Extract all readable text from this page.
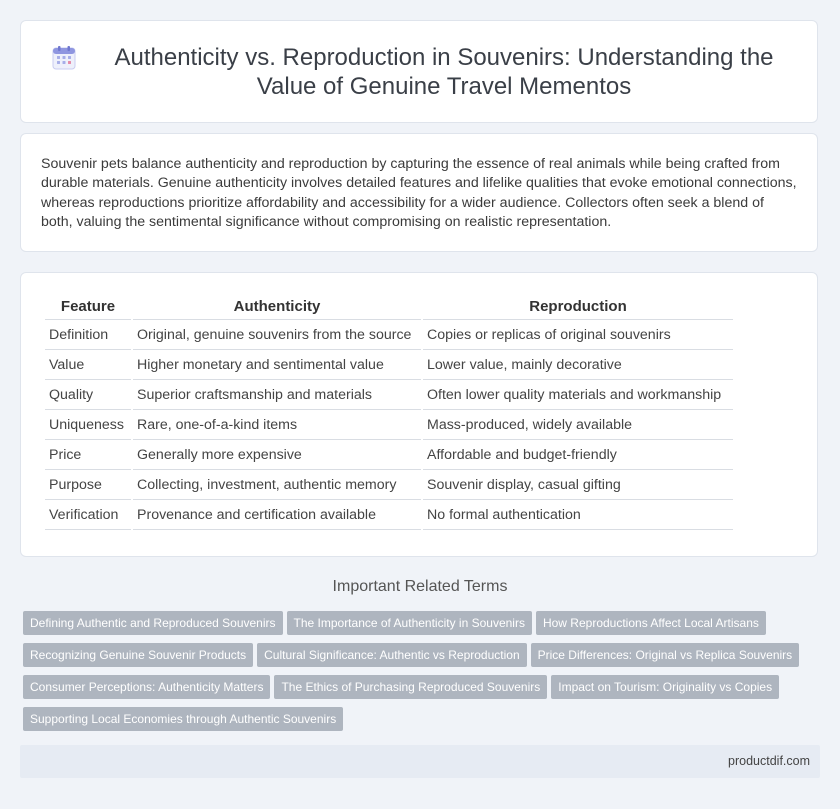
Authenticity vs. Reproduction in Souvenirs: Understanding the Value of Genuine Travel Mementos

Souvenir pets balance authenticity and reproduction by capturing the essence of real animals while being crafted from durable materials. Genuine authenticity involves detailed features and lifelike qualities that evoke emotional connections, whereas reproductions prioritize affordability and accessibility for a wider audience. Collectors often seek a blend of both, valuing the sentimental significance without compromising on realistic representation.

Feature	Authenticity	Reproduction
Definition	Original, genuine souvenirs from the source	Copies or replicas of original souvenirs
Value	Higher monetary and sentimental value	Lower value, mainly decorative
Quality	Superior craftsmanship and materials	Often lower quality materials and workmanship
Uniqueness	Rare, one-of-a-kind items	Mass-produced, widely available
Price	Generally more expensive	Affordable and budget-friendly
Purpose	Collecting, investment, authentic memory	Souvenir display, casual gifting
Verification	Provenance and certification available	No formal authentication
Important Related Terms
Defining Authentic and Reproduced Souvenirs The Importance of Authenticity in Souvenirs How Reproductions Affect Local Artisans
Recognizing Genuine Souvenir Products Cultural Significance: Authentic vs Reproduction Price Differences: Original vs Replica Souvenirs
Consumer Perceptions: Authenticity Matters The Ethics of Purchasing Reproduced Souvenirs Impact on Tourism: Originality vs Copies
Supporting Local Economies through Authentic Souvenirs
productdif.com
